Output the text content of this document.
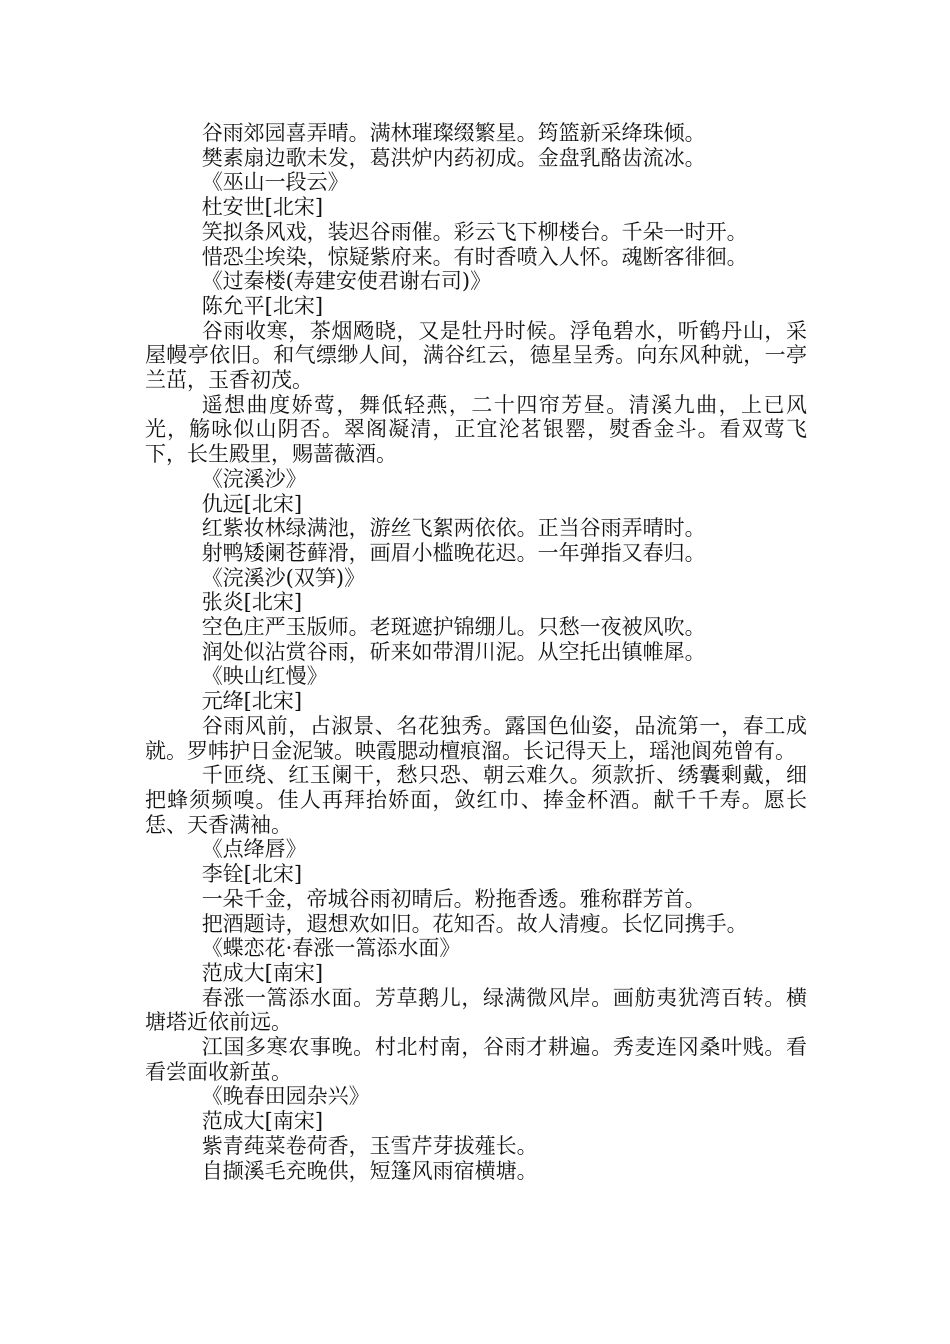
谷雨郊园喜弄晴。满林璀璨缀繁星。筠篮新采绛珠倾。

樊素扇边歌未发，葛洪炉内药初成。金盘乳酪齿流冰。

《巫山一段云》

杜安世[北宋]

笑拟条风戏，装迟谷雨催。彩云飞下柳楼台。千朵一时开。

惜恐尘埃染，惊疑紫府来。有时香喷入人怀。魂断客徘徊。

《过秦楼(寿建安使君谢右司)》

陈允平[北宋]

谷雨收寒，茶烟飏晓，又是牡丹时候。浮龟碧水，听鹤丹山，采屋幔亭依旧。和气缥缈人间，满谷红云，德星呈秀。向东风种就，一亭兰茁，玉香初茂。

遥想曲度娇莺，舞低轻燕，二十四帘芳昼。清溪九曲，上已风光，觞咏似山阴否。翠阁凝清，正宜沦茗银罂，熨香金斗。看双莺飞下，长生殿里，赐蔷薇酒。

《浣溪沙》

仇远[北宋]

红紫妆林绿满池，游丝飞絮两依依。正当谷雨弄晴时。

射鸭矮阑苍藓滑，画眉小槛晚花迟。一年弹指又春归。

《浣溪沙(双笋)》

张炎[北宋]

空色庄严玉版师。老斑遮护锦绷儿。只愁一夜被风吹。

润处似沾赏谷雨，斫来如带渭川泥。从空托出镇帷犀。

《映山红慢》

元绛[北宋]

谷雨风前，占淑景、名花独秀。露国色仙姿，品流第一，春工成就。罗帏护日金泥皱。映霞腮动檀痕溜。长记得天上，瑶池阆苑曾有。

千匝绕、红玉阑干，愁只恐、朝云难久。须款折、绣囊剩戴，细把蜂须频嗅。佳人再拜抬娇面，敛红巾、捧金杯酒。献千千寿。愿长恁、天香满袖。

《点绛唇》

李铨[北宋]

一朵千金，帝城谷雨初晴后。粉拖香透。雅称群芳首。

把酒题诗，遐想欢如旧。花知否。故人清瘦。长忆同携手。

《蝶恋花·春涨一篙添水面》

范成大[南宋]

春涨一篙添水面。芳草鹅儿，绿满微风岸。画舫夷犹湾百转。横塘塔近依前远。

江国多寒农事晚。村北村南，谷雨才耕遍。秀麦连冈桑叶贱。看看尝面收新茧。

《晚春田园杂兴》

范成大[南宋]

紫青莼菜卷荷香，玉雪芹芽拔薤长。

自撷溪毛充晚供，短篷风雨宿横塘。
